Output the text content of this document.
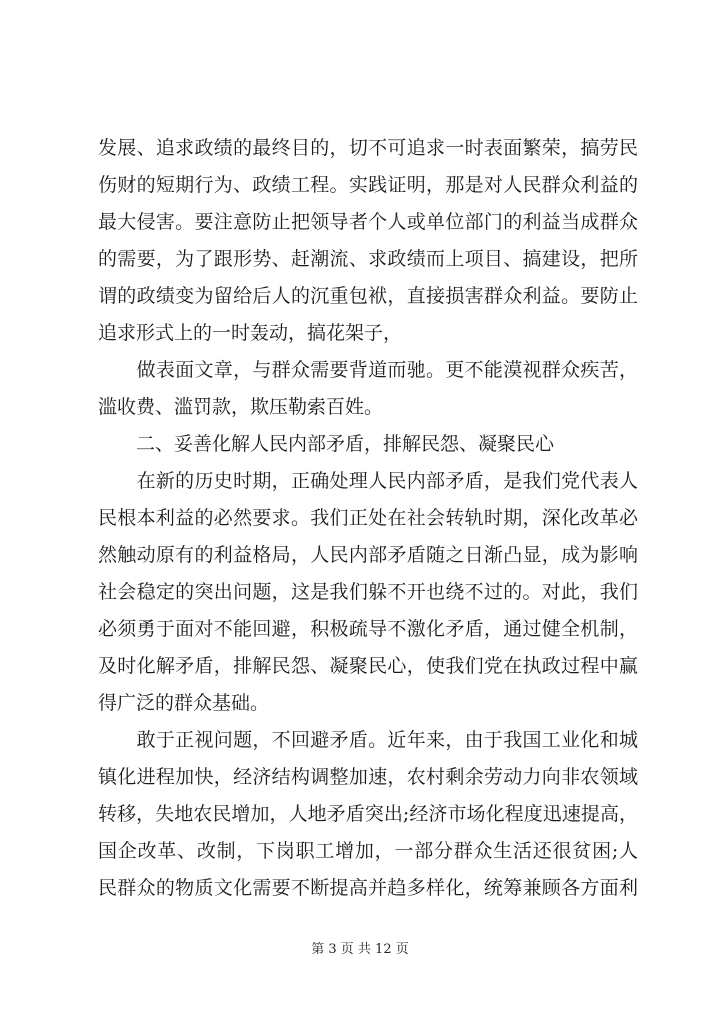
发展、追求政绩的最终目的，切不可追求一时表面繁荣，搞劳民
伤财的短期行为、政绩工程。实践证明，那是对人民群众利益的
最大侵害。要注意防止把领导者个人或单位部门的利益当成群众
的需要，为了跟形势、赶潮流、求政绩而上项目、搞建设，把所
谓的政绩变为留给后人的沉重包袱，直接损害群众利益。要防止
追求形式上的一时轰动，搞花架子，
　　做表面文章，与群众需要背道而驰。更不能漠视群众疾苦，
滥收费、滥罚款，欺压勒索百姓。
　　二、妥善化解人民内部矛盾，排解民怨、凝聚民心
　　在新的历史时期，正确处理人民内部矛盾，是我们党代表人
民根本利益的必然要求。我们正处在社会转轨时期，深化改革必
然触动原有的利益格局，人民内部矛盾随之日渐凸显，成为影响
社会稳定的突出问题，这是我们躲不开也绕不过的。对此，我们
必须勇于面对不能回避，积极疏导不激化矛盾，通过健全机制，
及时化解矛盾，排解民怨、凝聚民心，使我们党在执政过程中赢
得广泛的群众基础。
　　敢于正视问题，不回避矛盾。近年来，由于我国工业化和城
镇化进程加快，经济结构调整加速，农村剩余劳动力向非农领域
转移，失地农民增加，人地矛盾突出;经济市场化程度迅速提高，
国企改革、改制，下岗职工增加，一部分群众生活还很贫困;人
民群众的物质文化需要不断提高并趋多样化，统筹兼顾各方面利
第 3 页 共 12 页
